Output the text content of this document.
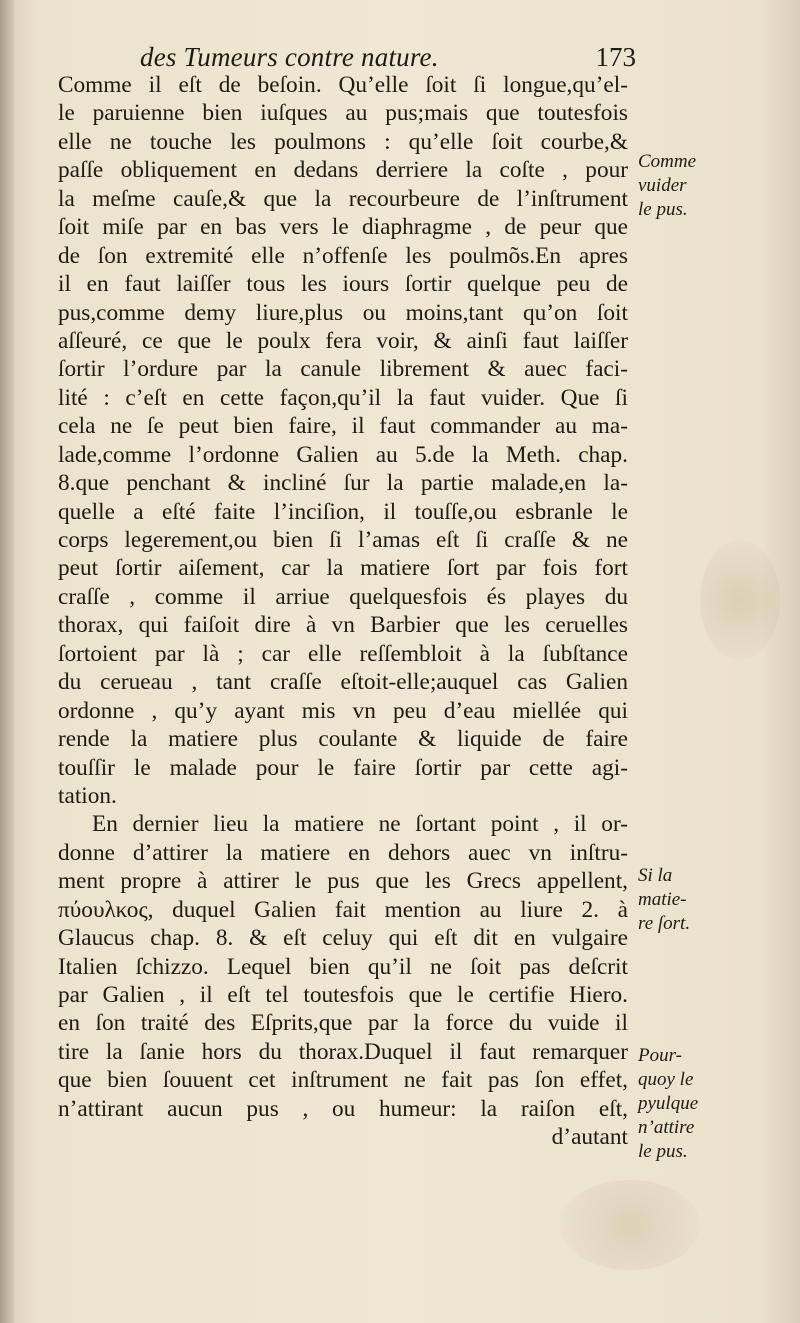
des Tumeurs contre nature.	173
Comme il eſt de beſoin. Qu’elle ſoit ſi longue,qu’el-
le paruienne bien iuſques au pus;mais que toutesfois
elle ne touche les poulmons : qu’elle ſoit courbe,&
paſſe obliquement en dedans derriere la coſte , pour
la meſme cauſe,& que la recourbeure de l’inſtrument
ſoit miſe par en bas vers le diaphragme , de peur que
de ſon extremité elle n’offenſe les poulmõs.En apres
il en faut laiſſer tous les iours ſortir quelque peu de
pus,comme demy liure,plus ou moins,tant qu’on ſoit
aſſeuré, ce que le poulx fera voir, & ainſi faut laiſſer
ſortir l’ordure par la canule librement & auec faci-
lité : c’eſt en cette façon,qu’il la faut vuider. Que ſi
cela ne ſe peut bien faire, il faut commander au ma-
lade,comme l’ordonne Galien au 5.de la Meth. chap.
8.que penchant & incliné ſur la partie malade,en la-
quelle a eſté faite l’inciſion, il touſſe,ou esbranle le
corps legerement,ou bien ſi l’amas eſt ſi craſſe & ne
peut ſortir aiſement, car la matiere ſort par fois fort
craſſe , comme il arriue quelquesfois és playes du
thorax, qui faiſoit dire à vn Barbier que les ceruelles
ſortoient par là ; car elle reſſembloit à la ſubſtance
du cerueau , tant craſſe eſtoit-elle;auquel cas Galien
ordonne , qu’y ayant mis vn peu d’eau miellée qui
rende la matiere plus coulante & liquide de faire
touſſir le malade pour le faire ſortir par cette agi-
tation.
En dernier lieu la matiere ne ſortant point , il or-
donne d’attirer la matiere en dehors auec vn inſtru-
ment propre à attirer le pus que les Grecs appellent,
πύουλκος, duquel Galien fait mention au liure 2. à
Glaucus chap. 8. & eſt celuy qui eſt dit en vulgaire
Italien ſchizzo. Lequel bien qu’il ne ſoit pas deſcrit
par Galien , il eſt tel toutesfois que le certifie Hiero.
en ſon traité des Eſprits,que par la force du vuide il
tire la ſanie hors du thorax.Duquel il faut remarquer
que bien ſouuent cet inſtrument ne fait pas ſon effet,
n’attirant aucun pus , ou humeur: la raiſon eſt,
d’autant
Comme
vuider
le pus.
Si la
matie-
re ſort.
Pour-
quoy le
pyulque
n’attire
le pus.
